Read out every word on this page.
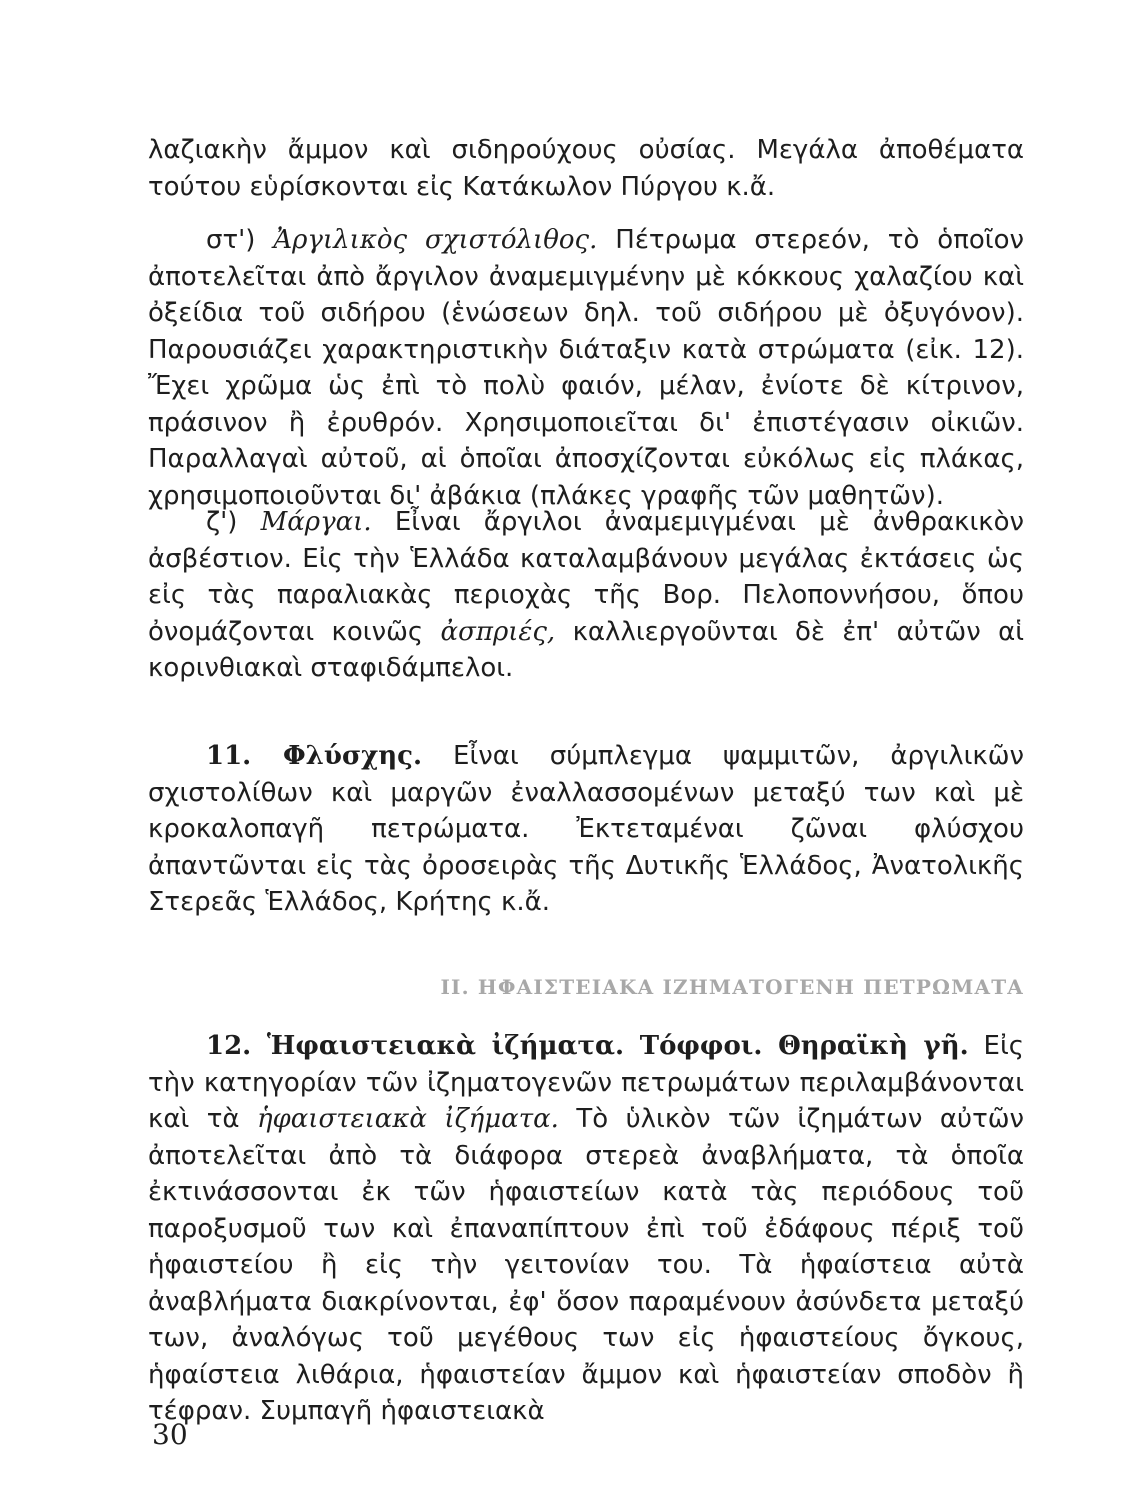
λαζιακὴν ἄμμον καὶ σιδηρούχους οὐσίας. Μεγάλα ἀποθέματα τούτου εὑρίσκονται εἰς Κατάκωλον Πύργου κ.ἄ.

στ') Ἀργιλικὸς σχιστόλιθος. Πέτρωμα στερεόν, τὸ ὁποῖον ἀποτελεῖται ἀπὸ ἄργιλον ἀναμεμιγμένην μὲ κόκκους χαλαζίου καὶ ὀξείδια τοῦ σιδήρου (ἑνώσεων δηλ. τοῦ σιδήρου μὲ ὀξυγόνον). Παρουσιάζει χαρακτηριστικὴν διάταξιν κατὰ στρώματα (εἰκ. 12). Ἔχει χρῶμα ὡς ἐπὶ τὸ πολὺ φαιόν, μέλαν, ἐνίοτε δὲ κίτρινον, πράσινον ἢ ἐρυθρόν. Χρησιμοποιεῖται δι' ἐπιστέγασιν οἰκιῶν. Παραλλαγαὶ αὐτοῦ, αἱ ὁποῖαι ἀποσχίζονται εὐκόλως εἰς πλάκας, χρησιμοποιοῦνται δι' ἀβάκια (πλάκες γραφῆς τῶν μαθητῶν).

ζ') Μάργαι. Εἶναι ἄργιλοι ἀναμεμιγμέναι μὲ ἀνθρακικὸν ἀσβέστιον. Εἰς τὴν Ἑλλάδα καταλαμβάνουν μεγάλας ἐκτάσεις ὡς εἰς τὰς παραλιακὰς περιοχὰς τῆς Βορ. Πελοποννήσου, ὅπου ὀνομάζονται κοινῶς ἀσπριές, καλλιεργοῦνται δὲ ἐπ' αὐτῶν αἱ κορινθιακαὶ σταφιδάμπελοι.

11. Φλύσχης. Εἶναι σύμπλεγμα ψαμμιτῶν, ἀργιλικῶν σχιστολίθων καὶ μαργῶν ἐναλλασσομένων μεταξύ των καὶ μὲ κροκαλοπαγῆ πετρώματα. Ἐκτεταμέναι ζῶναι φλύσχου ἀπαντῶνται εἰς τὰς ὀροσειρὰς τῆς Δυτικῆς Ἑλλάδος, Ἀνατολικῆς Στερεᾶς Ἑλλάδος, Κρήτης κ.ἄ.

II. ΗΦΑΙΣΤΕΙΑΚΑ ΙΖΗΜΑΤΟΓΕΝΗ ΠΕΤΡΩΜΑΤΑ

12. Ἡφαιστειακὰ ἰζήματα. Τόφφοι. Θηραϊκὴ γῆ. Εἰς τὴν κατηγορίαν τῶν ἰζηματογενῶν πετρωμάτων περιλαμβάνονται καὶ τὰ ἡφαιστειακὰ ἰζήματα. Τὸ ὑλικὸν τῶν ἰζημάτων αὐτῶν ἀποτελεῖται ἀπὸ τὰ διάφορα στερεὰ ἀναβλήματα, τὰ ὁποῖα ἐκτινάσσονται ἐκ τῶν ἡφαιστείων κατὰ τὰς περιόδους τοῦ παροξυσμοῦ των καὶ ἐπαναπίπτουν ἐπὶ τοῦ ἐδάφους πέριξ τοῦ ἡφαιστείου ἢ εἰς τὴν γειτονίαν του. Τὰ ἡφαίστεια αὐτὰ ἀναβλήματα διακρίνονται, ἐφ' ὅσον παραμένουν ἀσύνδετα μεταξύ των, ἀναλόγως τοῦ μεγέθους των εἰς ἡφαιστείους ὄγκους, ἡφαίστεια λιθάρια, ἡφαιστείαν ἄμμον καὶ ἡφαιστείαν σποδὸν ἢ τέφραν. Συμπαγῆ ἡφαιστειακὰ

30
